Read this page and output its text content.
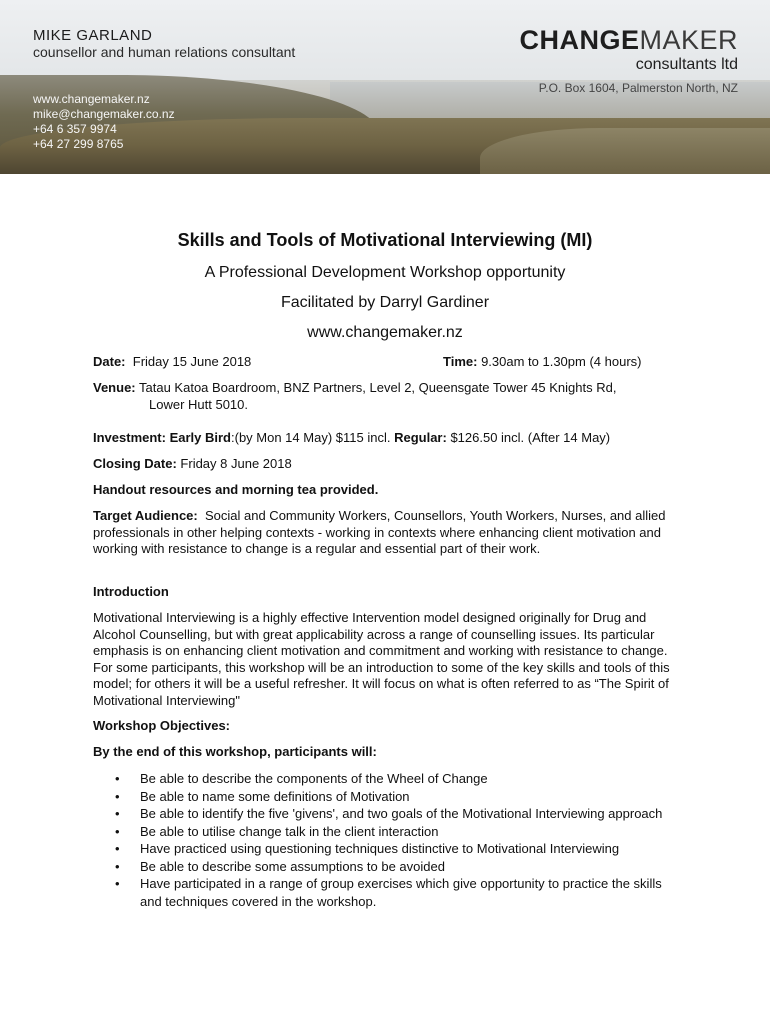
MIKE GARLAND
counsellor and human relations consultant
www.changemaker.nz
mike@changemaker.co.nz
+64 6 357 9974
+64 27 299 8765
CHANGEMAKER
consultants ltd
P.O. Box 1604, Palmerston North, NZ
Skills and Tools of Motivational Interviewing (MI)
A Professional Development Workshop opportunity
Facilitated by Darryl Gardiner
www.changemaker.nz
Date: Friday 15 June 2018	Time: 9.30am to 1.30pm (4 hours)
Venue: Tatau Katoa Boardroom, BNZ Partners, Level 2, Queensgate Tower 45 Knights Rd,
Lower Hutt 5010.
Investment: Early Bird:(by Mon 14 May) $115 incl. Regular: $126.50 incl. (After 14 May)
Closing Date: Friday 8 June 2018
Handout resources and morning tea provided.
Target Audience: Social and Community Workers, Counsellors, Youth Workers, Nurses, and allied professionals in other helping contexts - working in contexts where enhancing client motivation and working with resistance to change is a regular and essential part of their work.
Introduction
Motivational Interviewing is a highly effective Intervention model designed originally for Drug and Alcohol Counselling, but with great applicability across a range of counselling issues. Its particular emphasis is on enhancing client motivation and commitment and working with resistance to change. For some participants, this workshop will be an introduction to some of the key skills and tools of this model; for others it will be a useful refresher. It will focus on what is often referred to as “The Spirit of Motivational Interviewing"
Workshop Objectives:
By the end of this workshop, participants will:
• Be able to describe the components of the Wheel of Change
• Be able to name some definitions of Motivation
• Be able to identify the five 'givens', and two goals of the Motivational Interviewing approach
• Be able to utilise change talk in the client interaction
• Have practiced using questioning techniques distinctive to Motivational Interviewing
• Be able to describe some assumptions to be avoided
• Have participated in a range of group exercises which give opportunity to practice the skills and techniques covered in the workshop.
